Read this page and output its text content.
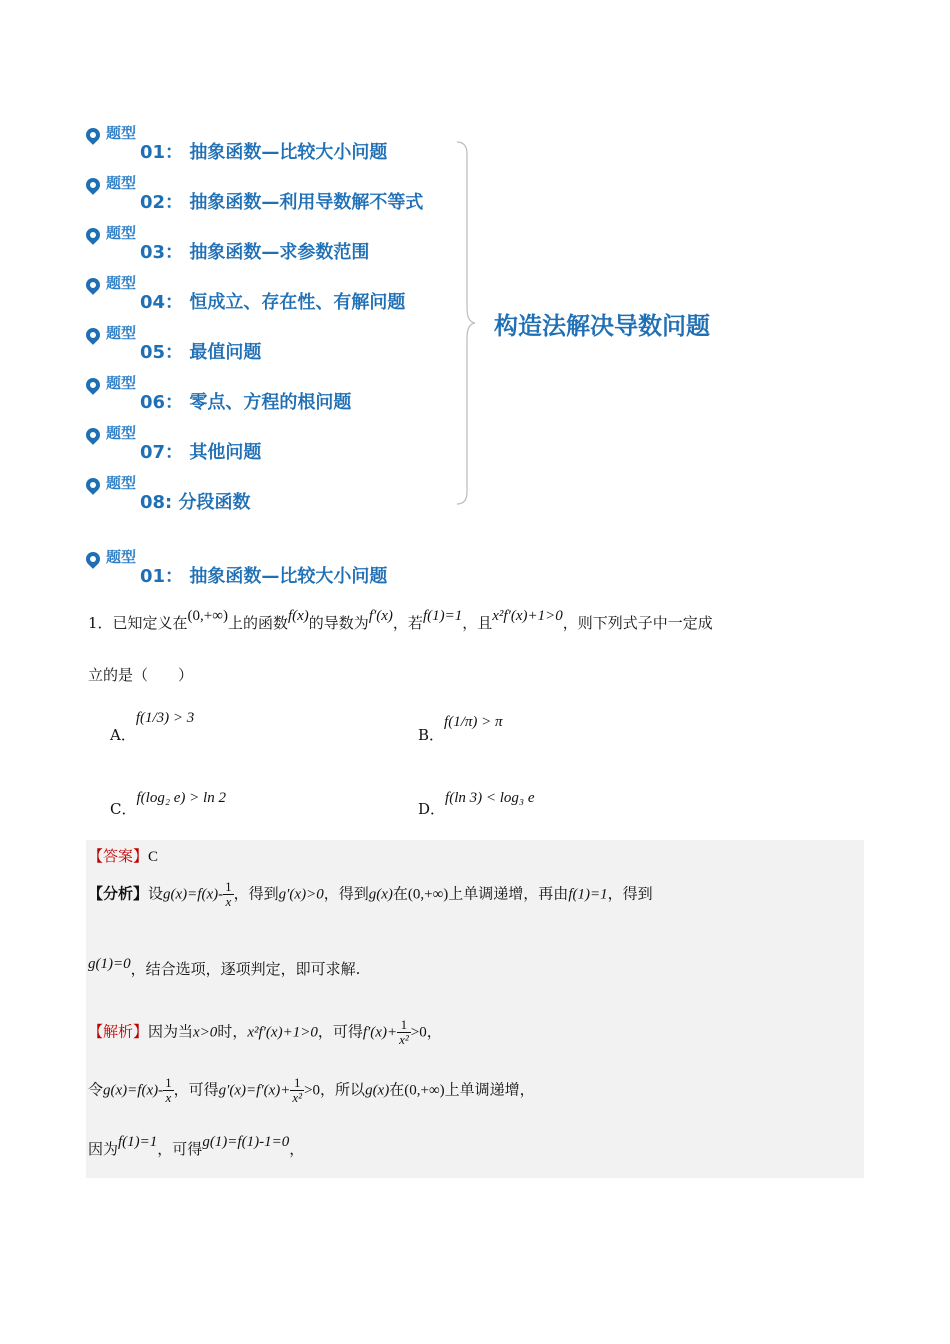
题型
01： 抽象函数—比较大小问题
题型
02： 抽象函数—利用导数解不等式
题型
03： 抽象函数—求参数范围
题型
04： 恒成立、存在性、有解问题
题型
05： 最值问题
题型
06： 零点、方程的根问题
题型
07： 其他问题
题型
08: 分段函数
构造法解决导数问题
题型
01： 抽象函数—比较大小问题
1．已知定义在(0,+∞)上的函数f(x)的导数为f′(x)，若f(1)=1，且x²f′(x)+1>0，则下列式子中一定成
立的是（　　）
A．f(1/3) > 3
B．f(1/π) > π
C．f(log₂ e) > ln 2
D．f(ln 3) < log₃ e
【答案】C
【分析】设$g(x)=f(x)- \frac{1}{x}$ ，得到g′(x)>0，得到g(x)在(0,+∞)上单调递增，再由f(1)=1，得到
g(1)=0，结合选项，逐项判定，即可求解.
【解析】因为当x>0时，x²f′(x)+1>0，可得$f'(x)+ \frac{1}{\text{x²}} >0$，
令$g(x)=f(x)- \frac{1}{x}$ ，可得$g'(x)=f'(x)+ \frac{1}{\text{x²}} >0$，所以g(x)在(0,+∞)上单调递增，
因为f(1)=1，可得g(1)=f(1)-1=0，
